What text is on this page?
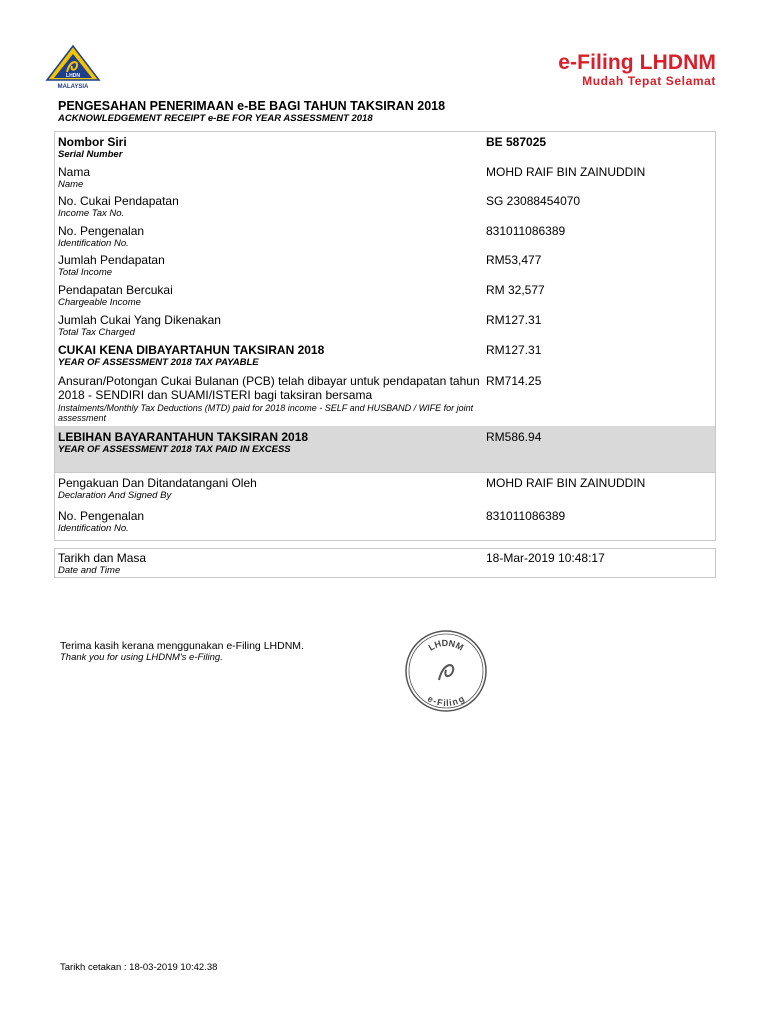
LHDN
MALAYSIA
e-Filing LHDNM
Mudah Tepat Selamat
PENGESAHAN PENERIMAAN e-BE BAGI TAHUN TAKSIRAN 2018
ACKNOWLEDGEMENT RECEIPT e-BE FOR YEAR ASSESSMENT 2018
Nombor Siri
Serial Number
BE 587025
Nama
Name
MOHD RAIF BIN ZAINUDDIN
No. Cukai Pendapatan
Income Tax No.
SG 23088454070
No. Pengenalan
Identification No.
831011086389
Jumlah Pendapatan
Total Income
RM53,477
Pendapatan Bercukai
Chargeable Income
RM 32,577
Jumlah Cukai Yang Dikenakan
Total Tax Charged
RM127.31
CUKAI KENA DIBAYARTAHUN TAKSIRAN 2018
YEAR OF ASSESSMENT 2018 TAX PAYABLE
RM127.31
Ansuran/Potongan Cukai Bulanan (PCB) telah dibayar untuk pendapatan tahun 2018 - SENDIRI dan SUAMI/ISTERI bagi taksiran bersama
Instalments/Monthly Tax Deductions (MTD) paid for 2018 income - SELF and HUSBAND / WIFE for joint assessment
RM714.25
LEBIHAN BAYARANTAHUN TAKSIRAN 2018
YEAR OF ASSESSMENT 2018 TAX PAID IN EXCESS
RM586.94
Pengakuan Dan Ditandatangani Oleh
Declaration And Signed By
MOHD RAIF BIN ZAINUDDIN
No. Pengenalan
Identification No.
831011086389
Tarikh dan Masa
Date and Time
18-Mar-2019 10:48:17
Terima kasih kerana menggunakan e-Filing LHDNM.
Thank you for using LHDNM's e-Filing.
LHDNM
e-Filing
Tarikh cetakan : 18-03-2019 10:42.38
